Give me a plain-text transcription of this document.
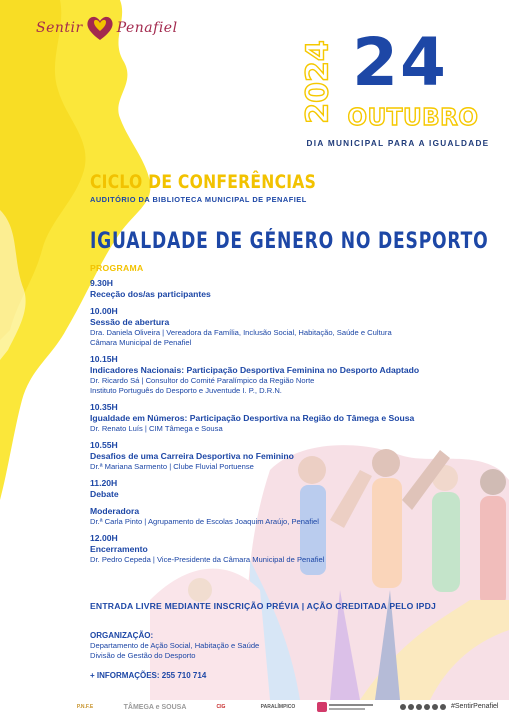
Sentir Penafiel
2024 24
OUTUBRO
DIA MUNICIPAL PARA A IGUALDADE
CICLO DE CONFERÊNCIAS
AUDITÓRIO DA BIBLIOTECA MUNICIPAL DE PENAFIEL
IGUALDADE DE GÉNERO NO DESPORTO
PROGRAMA
9.30H
Receção dos/as participantes
10.00H
Sessão de abertura
Dra. Daniela Oliveira | Vereadora da Família, Inclusão Social, Habitação, Saúde e Cultura
Câmara Municipal de Penafiel
10.15H
Indicadores Nacionais: Participação Desportiva Feminina no Desporto Adaptado
Dr. Ricardo Sá | Consultor do Comité Paralímpico da Região Norte
Instituto Português do Desporto e Juventude I. P., D.R.N.
10.35H
Igualdade em Números: Participação Desportiva na Região do Tâmega e Sousa
Dr. Renato Luís | CIM Tâmega e Sousa
10.55H
Desafios de uma Carreira Desportiva no Feminino
Dr.ª Mariana Sarmento | Clube Fluvial Portuense
11.20H
Debate
Moderadora
Dr.ª Carla Pinto | Agrupamento de Escolas Joaquim Araújo, Penafiel
12.00H
Encerramento
Dr. Pedro Cepeda | Vice-Presidente da Câmara Municipal de Penafiel
ENTRADA LIVRE MEDIANTE INSCRIÇÃO PRÉVIA | AÇÃO CREDITADA PELO IPDJ
ORGANIZAÇÃO:
Departamento de Ação Social, Habitação e Saúde
Divisão de Gestão do Desporto
+ INFORMAÇÕES: 255 710 714
P.N.F.E	TÂMEGA e SOUSA	CIG	PARALÍMPICO	#SentirPenafiel
